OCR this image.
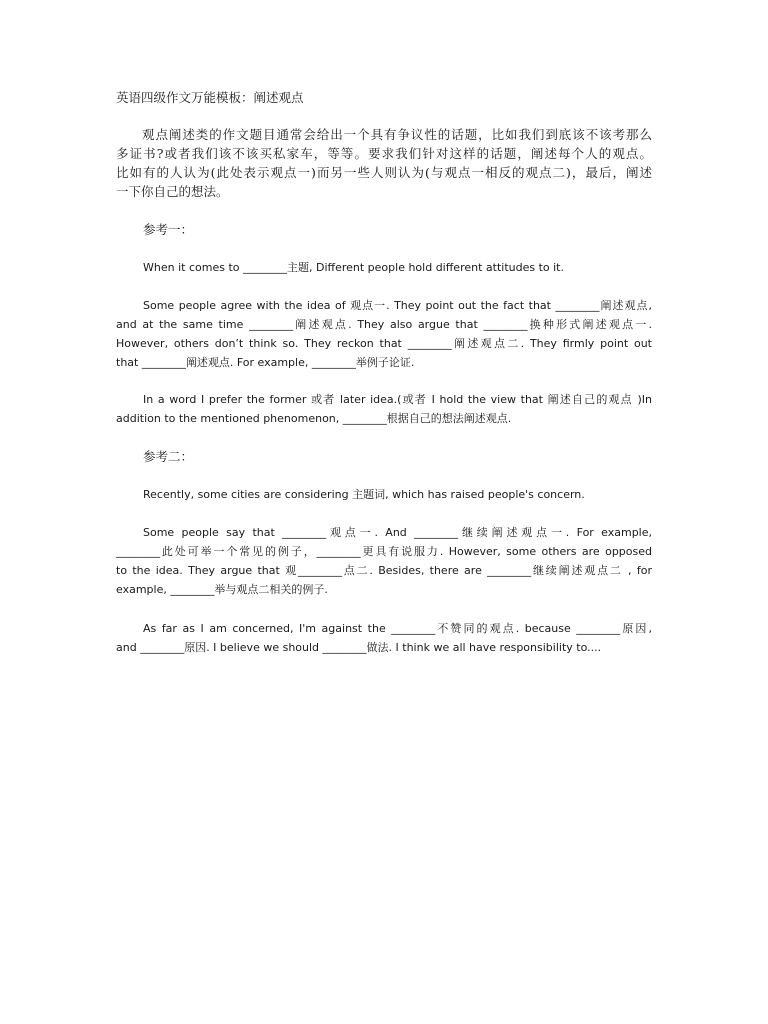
英语四级作文万能模板：阐述观点
观点阐述类的作文题目通常会给出一个具有争议性的话题，比如我们到底该不该考那么
多证书?或者我们该不该买私家车，等等。要求我们针对这样的话题，阐述每个人的观点。
比如有的人认为(此处表示观点一)而另一些人则认为(与观点一相反的观点二)，最后，阐述
一下你自己的想法。
参考一：
When it comes to ________主题, Different people hold different attitudes to it.
Some people agree with the idea of 观点一. They point out the fact that ________阐述观点,
and at the same time ________阐述观点. They also argue that ________换种形式阐述观点一.
However, others don’t think so. They reckon that ________阐述观点二. They firmly point out
that ________阐述观点. For example, ________举例子论证.
In a word I prefer the former 或者 later idea.(或者 I hold the view that 阐述自己的观点 )In
addition to the mentioned phenomenon, ________根据自己的想法阐述观点.
参考二：
Recently, some cities are considering 主题词, which has raised people's concern.
Some people say that ________观点一. And ________继续阐述观点一. For example,
________此处可举一个常见的例子，________更具有说服力. However, some others are opposed
to the idea. They argue that 观________点二. Besides, there are ________继续阐述观点二 , for
example, ________举与观点二相关的例子.
As far as I am concerned, I'm against the ________不赞同的观点. because ________原因,
and ________原因. I believe we should ________做法. I think we all have responsibility to....
